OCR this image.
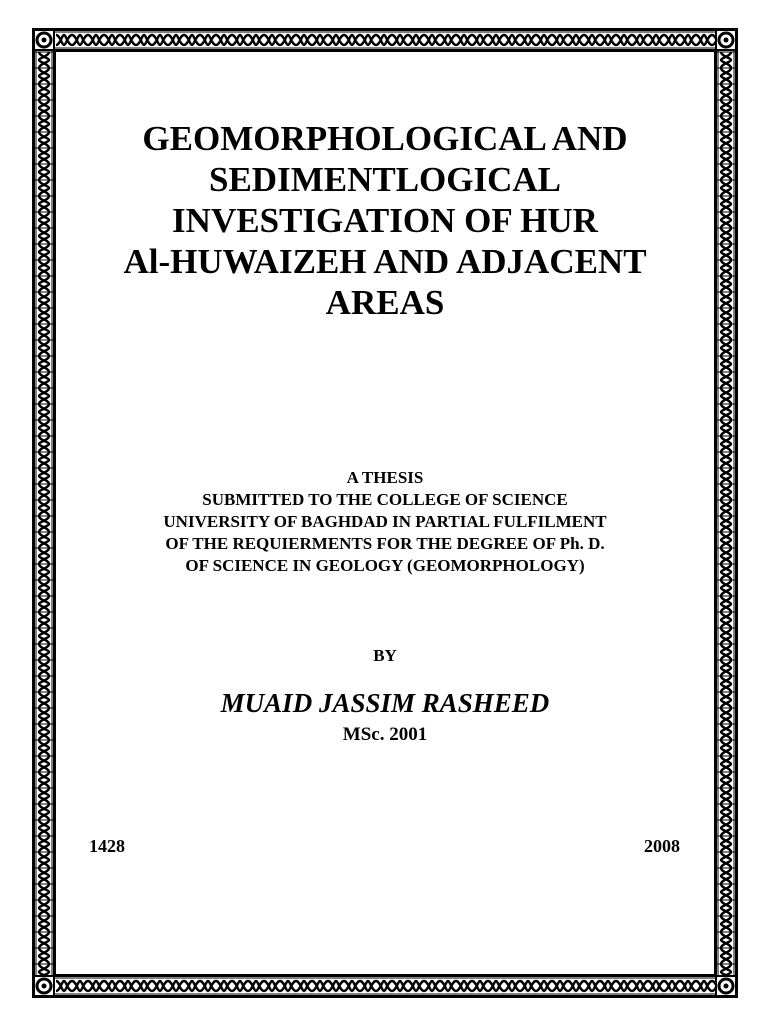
GEOMORPHOLOGICAL AND
SEDIMENTLOGICAL
INVESTIGATION OF HUR
Al-HUWAIZEH AND ADJACENT
AREAS
A THESIS
SUBMITTED TO THE COLLEGE OF SCIENCE
UNIVERSITY OF BAGHDAD IN PARTIAL FULFILMENT
OF THE REQUIERMENTS FOR THE DEGREE OF Ph. D.
OF SCIENCE IN GEOLOGY (GEOMORPHOLOGY)
BY
MUAID JASSIM RASHEED
MSc. 2001
1428	2008
